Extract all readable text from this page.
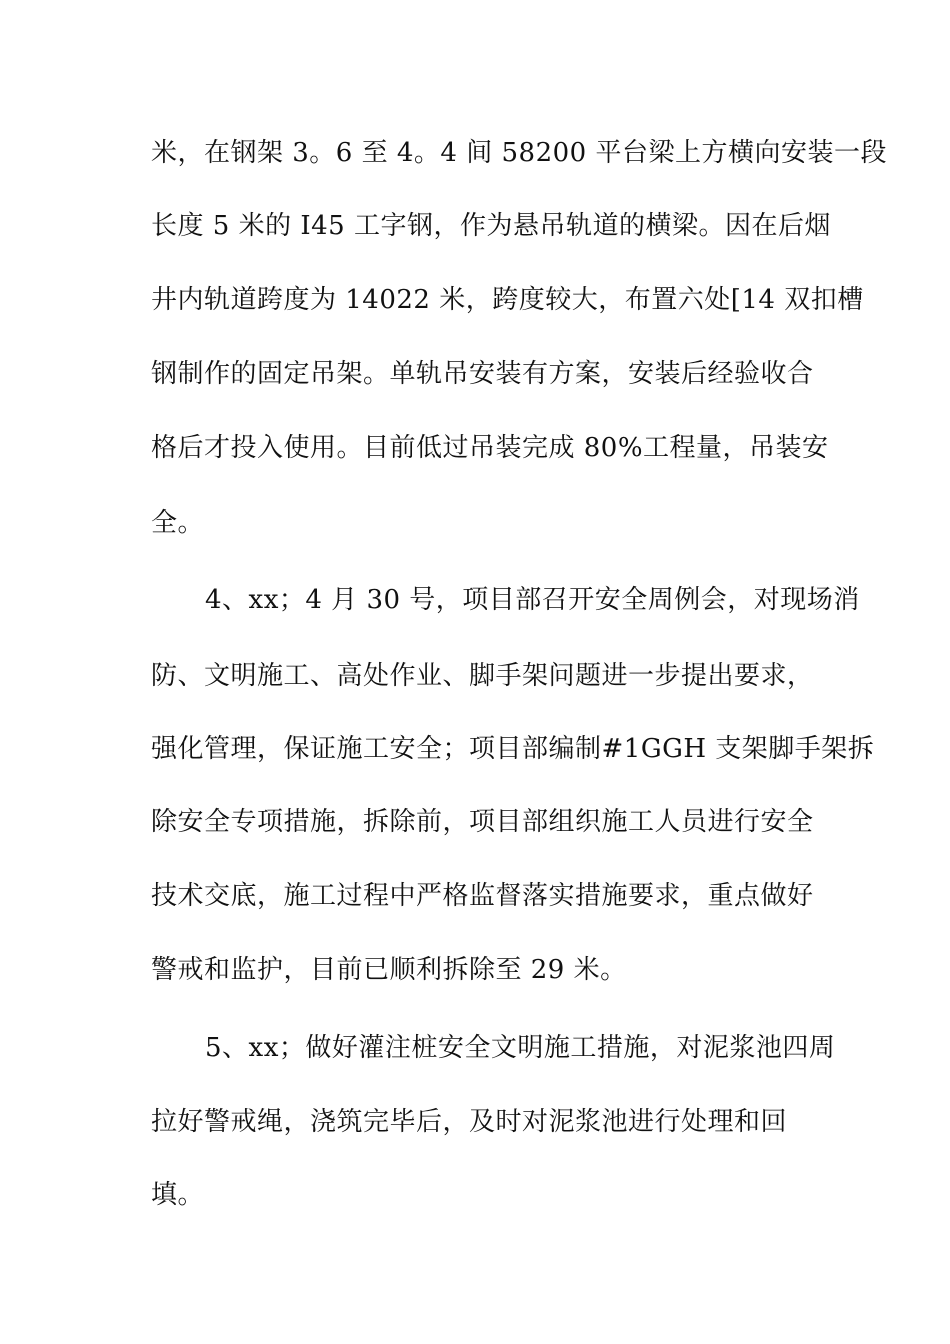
米，在钢架 3。6 至 4。4 间 58200 平台梁上方横向安装一段
长度 5 米的 I45 工字钢，作为悬吊轨道的横梁。因在后烟
井内轨道跨度为 14022 米，跨度较大，布置六处[14 双扣槽
钢制作的固定吊架。单轨吊安装有方案，安装后经验收合
格后才投入使用。目前低过吊装完成 80%工程量，吊装安
全。
4、xx；4 月 30 号，项目部召开安全周例会，对现场消
防、文明施工、高处作业、脚手架问题进一步提出要求，
强化管理，保证施工安全；项目部编制#1GGH 支架脚手架拆
除安全专项措施，拆除前，项目部组织施工人员进行安全
技术交底，施工过程中严格监督落实措施要求，重点做好
警戒和监护，目前已顺利拆除至 29 米。
5、xx；做好灌注桩安全文明施工措施，对泥浆池四周
拉好警戒绳，浇筑完毕后，及时对泥浆池进行处理和回
填。
